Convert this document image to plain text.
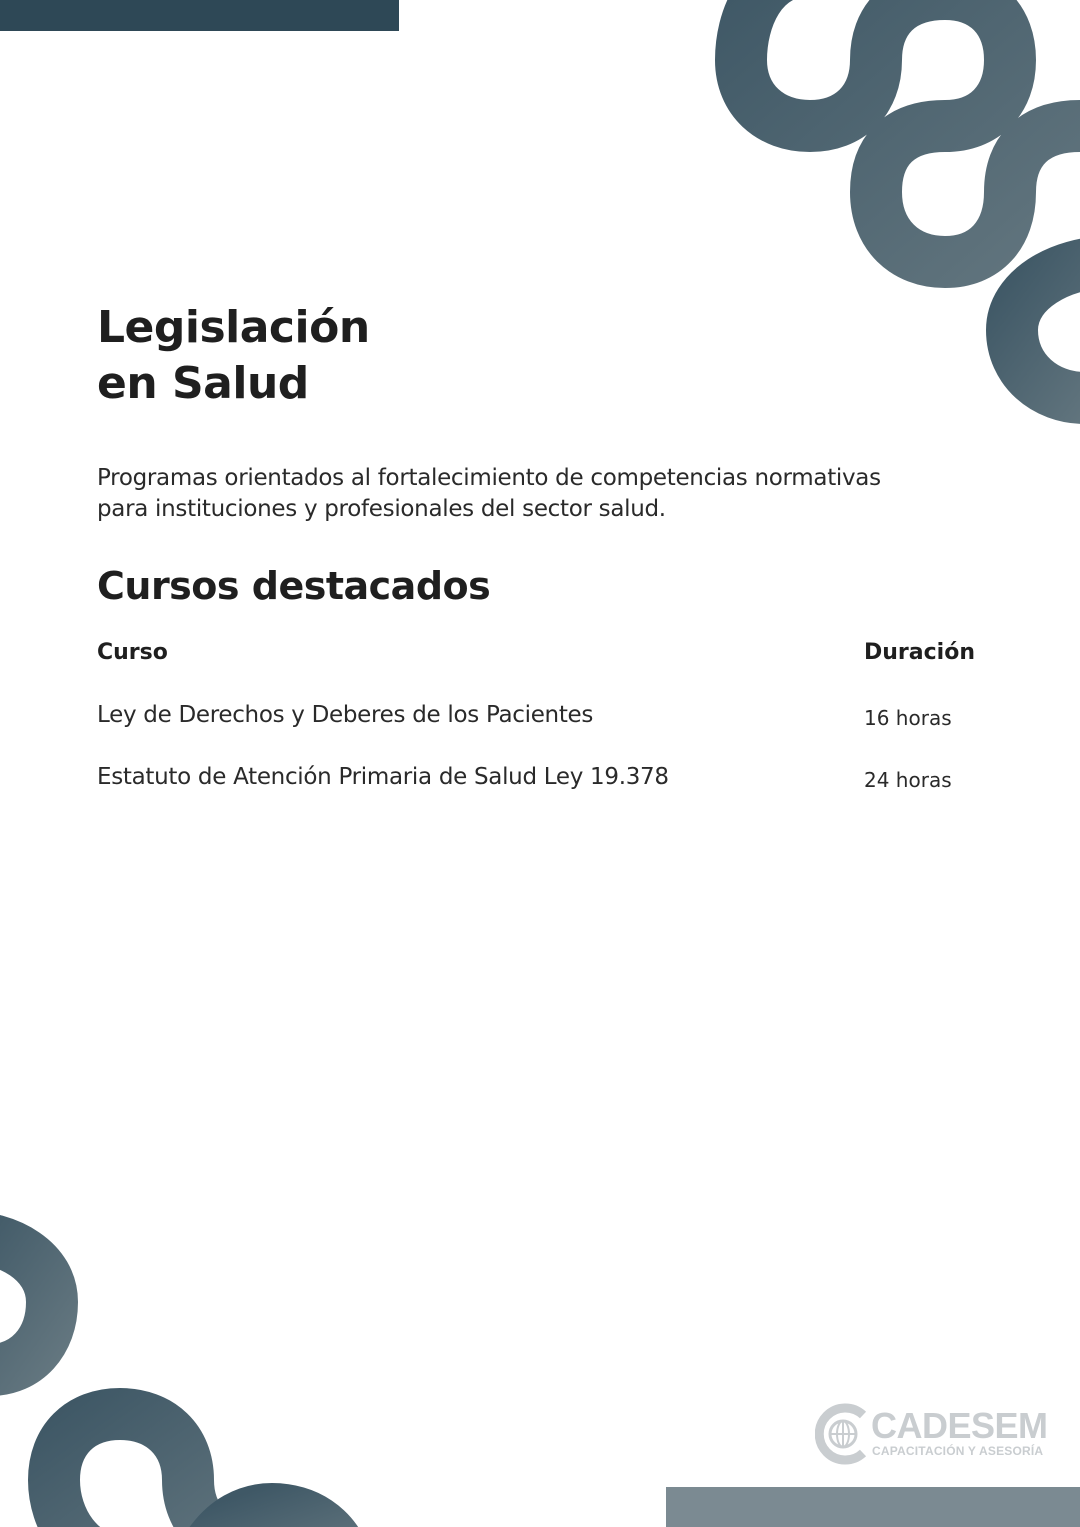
Legislación
en Salud

Programas orientados al fortalecimiento de competencias normativas
para instituciones y profesionales del sector salud.

Cursos destacados
Curso	Duración
Ley de Derechos y Deberes de los Pacientes	16 horas
Estatuto de Atención Primaria de Salud Ley 19.378	24 horas
CADESEM
CAPACITACIÓN Y ASESORÍA
